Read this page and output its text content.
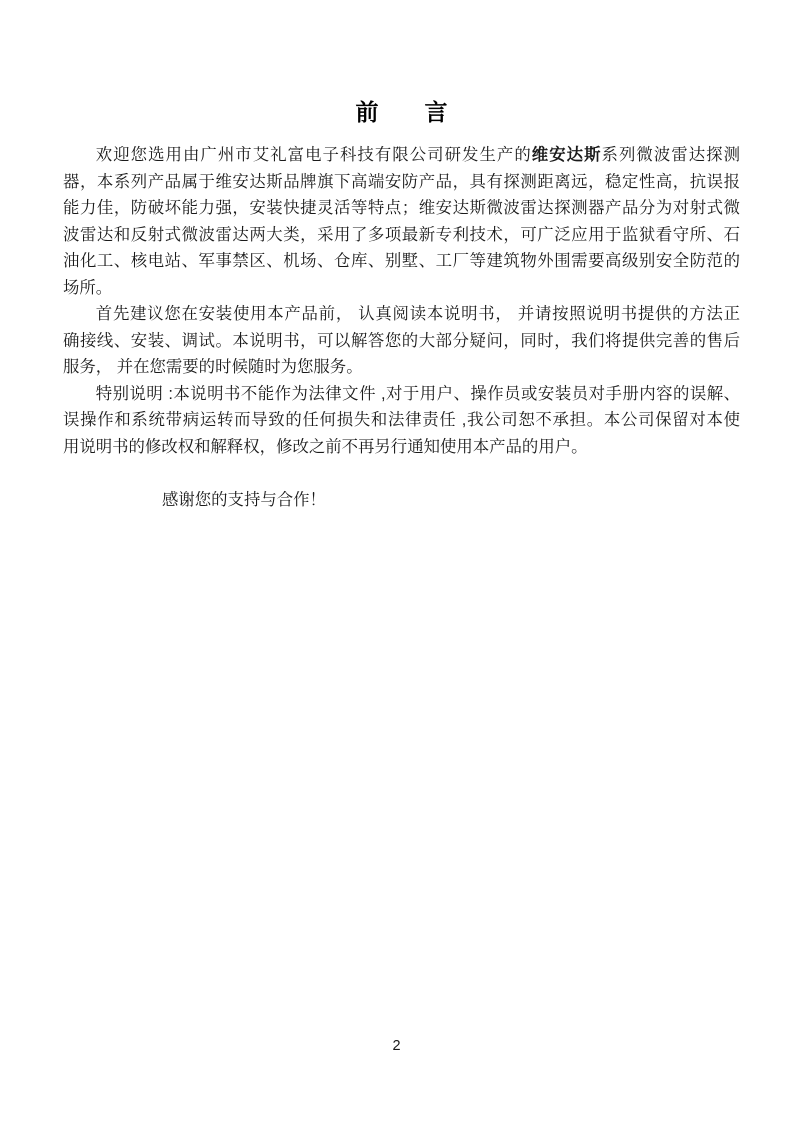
前　　言
欢迎您选用由广州市艾礼富电子科技有限公司研发生产的维安达斯系列微波雷达探测
器，本系列产品属于维安达斯品牌旗下高端安防产品，具有探测距离远，稳定性高，抗误报
能力佳，防破坏能力强，安装快捷灵活等特点；维安达斯微波雷达探测器产品分为对射式微
波雷达和反射式微波雷达两大类，采用了多项最新专利技术，可广泛应用于监狱看守所、石
油化工、核电站、军事禁区、机场、仓库、别墅、工厂等建筑物外围需要高级别安全防范的
场所。
首先建议您在安装使用本产品前， 认真阅读本说明书， 并请按照说明书提供的方法正
确接线、安装、调试。本说明书，可以解答您的大部分疑问，同时，我们将提供完善的售后
服务， 并在您需要的时候随时为您服务。
特别说明 :本说明书不能作为法律文件 ,对于用户、操作员或安装员对手册内容的误解、
误操作和系统带病运转而导致的任何损失和法律责任 ,我公司恕不承担。本公司保留对本使
用说明书的修改权和解释权，修改之前不再另行通知使用本产品的用户。
感谢您的支持与合作！
2
